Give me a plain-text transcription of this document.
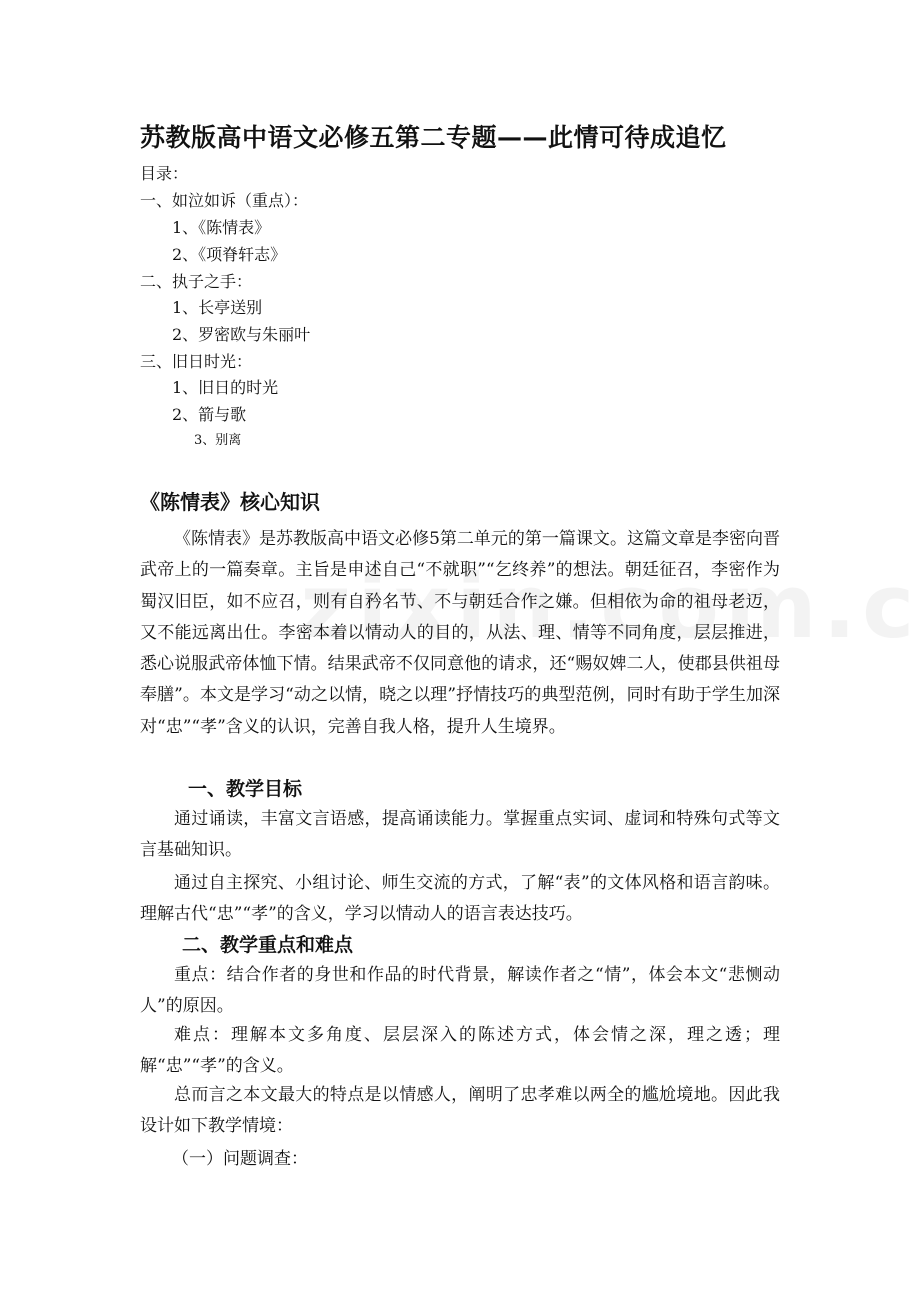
苏教版高中语文必修五第二专题——此情可待成追忆
目录：
一、如泣如诉（重点）：
1、《陈情表》
2、《项脊轩志》
二、执子之手：
1、长亭送别
2、罗密欧与朱丽叶
三、旧日时光：
1、旧日的时光
2、箭与歌
3、别离
《陈情表》核心知识
《陈情表》是苏教版高中语文必修5第二单元的第一篇课文。这篇文章是李密向晋武帝上的一篇奏章。主旨是申述自己“不就职”“乞终养”的想法。朝廷征召，李密作为蜀汉旧臣，如不应召，则有自矜名节、不与朝廷合作之嫌。但相依为命的祖母老迈，又不能远离出仕。李密本着以情动人的目的，从法、理、情等不同角度，层层推进，悉心说服武帝体恤下情。结果武帝不仅同意他的请求，还“赐奴婢二人，使郡县供祖母奉膳”。本文是学习“动之以情，晓之以理”抒情技巧的典型范例，同时有助于学生加深对“忠”“孝”含义的认识，完善自我人格，提升人生境界。
一、教学目标
通过诵读，丰富文言语感，提高诵读能力。掌握重点实词、虚词和特殊句式等文言基础知识。
通过自主探究、小组讨论、师生交流的方式，了解“表”的文体风格和语言韵味。理解古代“忠”“孝”的含义，学习以情动人的语言表达技巧。
二、教学重点和难点
重点：结合作者的身世和作品的时代背景，解读作者之“情”，体会本文“悲恻动人”的原因。
难点：理解本文多角度、层层深入的陈述方式，体会情之深，理之透；理解“忠”“孝”的含义。
总而言之本文最大的特点是以情感人，阐明了忠孝难以两全的尴尬境地。因此我设计如下教学情境：
（一）问题调查：
